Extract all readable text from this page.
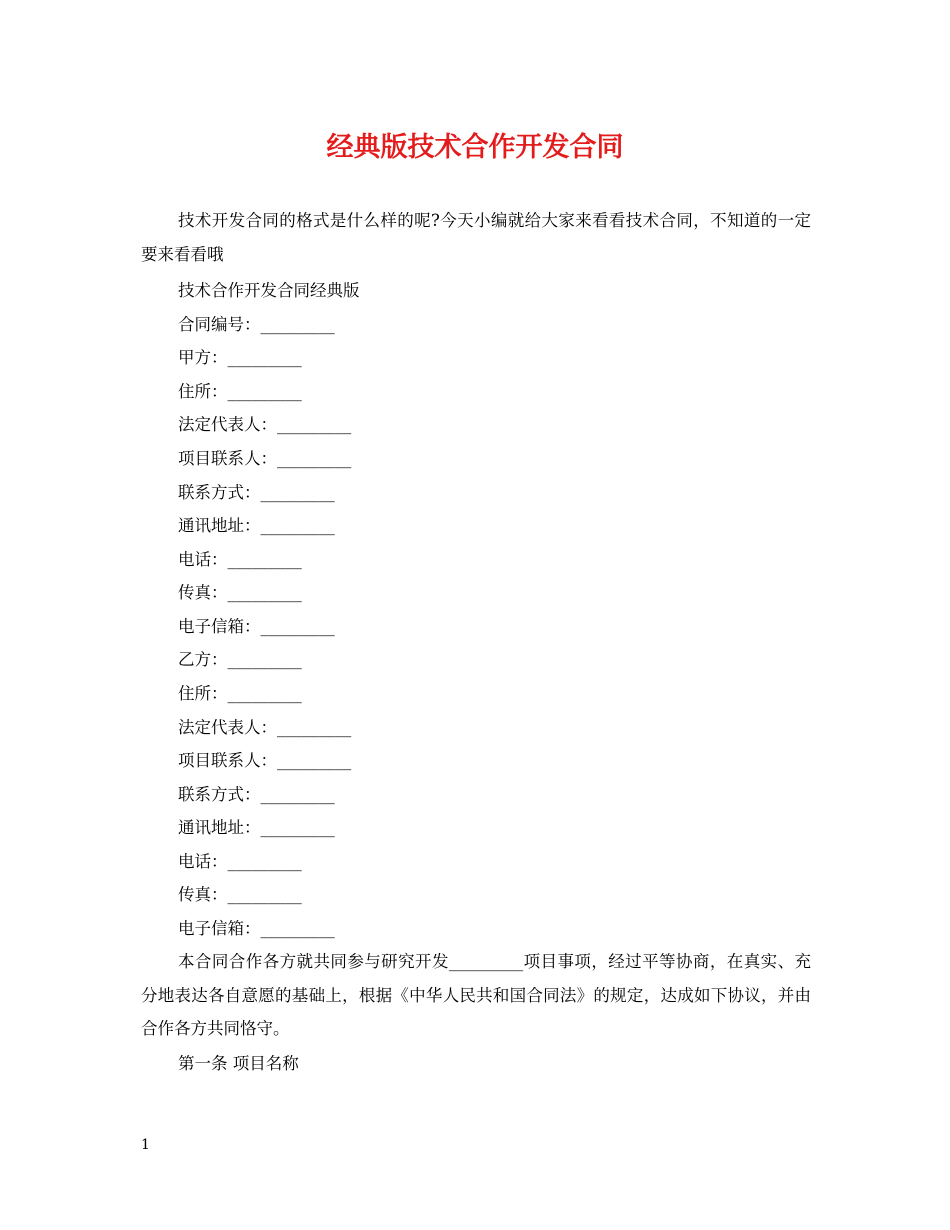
经典版技术合作开发合同

技术开发合同的格式是什么样的呢?今天小编就给大家来看看技术合同，不知道的一定要来看看哦

技术合作开发合同经典版
合同编号：_________
甲方：_________
住所：_________
法定代表人：_________
项目联系人：_________
联系方式：_________
通讯地址：_________
电话：_________
传真：_________
电子信箱：_________
乙方：_________
住所：_________
法定代表人：_________
项目联系人：_________
联系方式：_________
通讯地址：_________
电话：_________
传真：_________
电子信箱：_________

本合同合作各方就共同参与研究开发_________项目事项，经过平等协商，在真实、充分地表达各自意愿的基础上，根据《中华人民共和国合同法》的规定，达成如下协议，并由合作各方共同恪守。

第一条 项目名称
1
